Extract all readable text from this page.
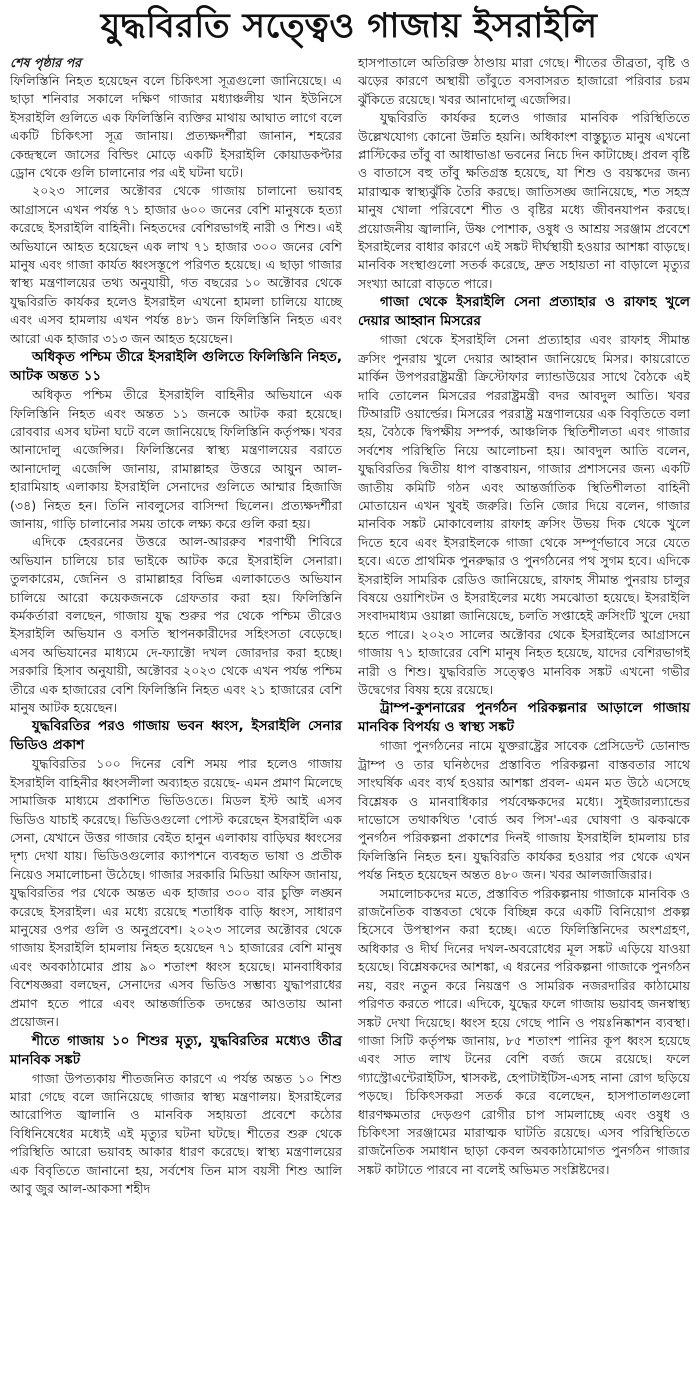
যুদ্ধবিরতি সত্ত্বেও গাজায় ইসরাইলি
শেষ পৃষ্ঠার পর

ফিলিস্তিনি নিহত হয়েছেন বলে চিকিৎসা সূত্রগুলো জানিয়েছে। এ ছাড়া শনিবার সকালে দক্ষিণ গাজার মধ্যাঞ্চলীয় খান ইউনিসে ইসরাইলি গুলিতে এক ফিলিস্তিনি ব্যক্তির মাথায় আঘাত লাগে বলে একটি চিকিৎসা সূত্র জানায়। প্রত্যক্ষদর্শীরা জানান, শহরের কেন্দ্রস্থলে জাসের বিল্ডিং মোড়ে একটি ইসরাইলি কোয়াডকপ্টার ড্রোন থেকে গুলি চালানোর পর এই ঘটনা ঘটে।

২০২৩ সালের অক্টোবর থেকে গাজায় চালানো ভয়াবহ আগ্রাসনে এখন পর্যন্ত ৭১ হাজার ৬০০ জনের বেশি মানুষকে হত্যা করেছে ইসরাইলি বাহিনী। নিহতদের বেশিরভাগই নারী ও শিশু। এই অভিযানে আহত হয়েছেন এক লাখ ৭১ হাজার ৩০০ জনের বেশি মানুষ এবং গাজা কার্যত ধ্বংসস্তূপে পরিণত হয়েছে। এ ছাড়া গাজার স্বাস্থ্য মন্ত্রণালয়ের তথ্য অনুযায়ী, গত বছরের ১০ অক্টোবর থেকে যুদ্ধবিরতি কার্যকর হলেও ইসরাইল এখনো হামলা চালিয়ে যাচ্ছে এবং এসব হামলায় এখন পর্যন্ত ৪৮১ জন ফিলিস্তিনি নিহত এবং আরো এক হাজার ৩১৩ জন আহত হয়েছেন।

অধিকৃত পশ্চিম তীরে ইসরাইলি গুলিতে ফিলিস্তিনি নিহত, আটক অন্তত ১১

অধিকৃত পশ্চিম তীরে ইসরাইলি বাহিনীর অভিযানে এক ফিলিস্তিনি নিহত এবং অন্তত ১১ জনকে আটক করা হয়েছে। রোববার এসব ঘটনা ঘটে বলে জানিয়েছে ফিলিস্তিনি কর্তৃপক্ষ। খবর আনাদোলু এজেন্সির। ফিলিস্তিনের স্বাস্থ্য মন্ত্রণালয়ের বরাতে আনাদোলু এজেন্সি জানায়, রামাল্লাহর উত্তরে আয়ুন আল-হারামিয়াহ এলাকায় ইসরাইলি সেনাদের গুলিতে আম্মার হিজাজি (৩৪) নিহত হন। তিনি নাবলুসের বাসিন্দা ছিলেন। প্রত্যক্ষদর্শীরা জানায়, গাড়ি চালানোর সময় তাকে লক্ষ্য করে গুলি করা হয়।

এদিকে হেবরনের উত্তরে আল-আররুব শরণার্থী শিবিরে অভিযান চালিয়ে চার ভাইকে আটক করে ইসরাইলি সেনারা। তুলকারেম, জেনিন ও রামাল্লাহর বিভিন্ন এলাকাতেও অভিযান চালিয়ে আরো কয়েকজনকে গ্রেফতার করা হয়। ফিলিস্তিনি কর্মকর্তারা বলছেন, গাজায় যুদ্ধ শুরুর পর থেকে পশ্চিম তীরেও ইসরাইলি অভিযান ও বসতি স্থাপনকারীদের সহিংসতা বেড়েছে। এসব অভিযানের মাধ্যমে দে-ফ্যাক্টো দখল জোরদার করা হচ্ছে। সরকারি হিসাব অনুযায়ী, অক্টোবর ২০২৩ থেকে এখন পর্যন্ত পশ্চিম তীরে এক হাজারের বেশি ফিলিস্তিনি নিহত এবং ২১ হাজারের বেশি মানুষ আটক হয়েছেন।

যুদ্ধবিরতির পরও গাজায় ভবন ধ্বংস, ইসরাইলি সেনার ভিডিও প্রকাশ

যুদ্ধবিরতির ১০০ দিনের বেশি সময় পার হলেও গাজায় ইসরাইলি বাহিনীর ধ্বংসলীলা অব্যাহত রয়েছে- এমন প্রমাণ মিলেছে সামাজিক মাধ্যমে প্রকাশিত ভিডিওতে। মিডল ইস্ট আই এসব ভিডিও যাচাই করেছে। ভিডিওগুলো পোস্ট করেছেন ইসরাইলি এক সেনা, যেখানে উত্তর গাজার বেইত হানুন এলাকায় বাড়িঘর ধ্বংসের দৃশ্য দেখা যায়। ভিডিওগুলোর ক্যাপশনে ব্যবহৃত ভাষা ও প্রতীক নিয়েও সমালোচনা উঠেছে। গাজার সরকারি মিডিয়া অফিস জানায়, যুদ্ধবিরতির পর থেকে অন্তত এক হাজার ৩০০ বার চুক্তি লঙ্ঘন করেছে ইসরাইল। এর মধ্যে রয়েছে শতাধিক বাড়ি ধ্বংস, সাধারণ মানুষের ওপর গুলি ও অনুপ্রবেশ। ২০২৩ সালের অক্টোবর থেকে গাজায় ইসরাইলি হামলায় নিহত হয়েছেন ৭১ হাজারের বেশি মানুষ এবং অবকাঠামোর প্রায় ৯০ শতাংশ ধ্বংস হয়েছে। মানবাধিকার বিশেষজ্ঞরা বলছেন, সেনাদের এসব ভিডিও সম্ভাব্য যুদ্ধাপরাধের প্রমাণ হতে পারে এবং আন্তর্জাতিক তদন্তের আওতায় আনা প্রয়োজন।

শীতে গাজায় ১০ শিশুর মৃত্যু, যুদ্ধবিরতির মধ্যেও তীব্র মানবিক সঙ্কট

গাজা উপত্যকায় শীতজনিত কারণে এ পর্যন্ত অন্তত ১০ শিশু মারা গেছে বলে জানিয়েছে গাজার স্বাস্থ্য মন্ত্রণালয়। ইসরাইলের আরোপিত জ্বালানি ও মানবিক সহায়তা প্রবেশে কঠোর বিধিনিষেধের মধ্যেই এই মৃত্যুর ঘটনা ঘটছে। শীতের শুরু থেকে পরিস্থিতি আরো ভয়াবহ আকার ধারণ করেছে। স্বাস্থ্য মন্ত্রণালয়ের এক বিবৃতিতে জানানো হয়, সর্বশেষ তিন মাস বয়সী শিশু আলি আবু জুর আল-আকসা শহীদ

হাসপাতালে অতিরিক্ত ঠাণ্ডায় মারা গেছে। শীতের তীব্রতা, বৃষ্টি ও ঝড়ের কারণে অস্থায়ী তাঁবুতে বসবাসরত হাজারো পরিবার চরম ঝুঁকিতে রয়েছে। খবর আনাদোলু এজেন্সির।

যুদ্ধবিরতি কার্যকর হলেও গাজার মানবিক পরিস্থিতিতে উল্লেখযোগ্য কোনো উন্নতি হয়নি। অধিকাংশ বাস্তুচ্যুত মানুষ এখনো প্লাস্টিকের তাঁবু বা আধাভাঙা ভবনের নিচে দিন কাটাচ্ছে। প্রবল বৃষ্টি ও বাতাসে বহু তাঁবু ক্ষতিগ্রস্ত হয়েছে, যা শিশু ও বয়স্কদের জন্য মারাত্মক স্বাস্থ্যঝুঁকি তৈরি করছে। জাতিসঙ্ঘ জানিয়েছে, শত সহস্র মানুষ খোলা পরিবেশে শীত ও বৃষ্টির মধ্যে জীবনযাপন করছে। প্রয়োজনীয় জ্বালানি, উষ্ণ পোশাক, ওষুধ ও আশ্রয় সরঞ্জাম প্রবেশে ইসরাইলের বাধার কারণে এই সঙ্কট দীর্ঘস্থায়ী হওয়ার আশঙ্কা বাড়ছে। মানবিক সংস্থাগুলো সতর্ক করেছে, দ্রুত সহায়তা না বাড়ালে মৃত্যুর সংখ্যা আরো বাড়তে পারে।

গাজা থেকে ইসরাইলি সেনা প্রত্যাহার ও রাফাহ খুলে দেয়ার আহ্বান মিসরের

গাজা থেকে ইসরাইলি সেনা প্রত্যাহার এবং রাফাহ সীমান্ত ক্রসিং পুনরায় খুলে দেয়ার আহ্বান জানিয়েছে মিসর। কায়রোতে মার্কিন উপপররাষ্ট্রমন্ত্রী ক্রিস্টোফার ল্যান্ডাউয়ের সাথে বৈঠকে এই দাবি তোলেন মিসরের পররাষ্ট্রমন্ত্রী বদর আবদুল আতি। খবর টিআরটি ওয়ার্ল্ডের। মিসরের পররাষ্ট্র মন্ত্রণালয়ের এক বিবৃতিতে বলা হয়, বৈঠকে দ্বিপক্ষীয় সম্পর্ক, আঞ্চলিক স্থিতিশীলতা এবং গাজার সর্বশেষ পরিস্থিতি নিয়ে আলোচনা হয়। আবদুল আতি বলেন, যুদ্ধবিরতির দ্বিতীয় ধাপ বাস্তবায়ন, গাজার প্রশাসনের জন্য একটি জাতীয় কমিটি গঠন এবং আন্তর্জাতিক স্থিতিশীলতা বাহিনী মোতায়েন এখন খুবই জরুরি। তিনি জোর দিয়ে বলেন, গাজার মানবিক সঙ্কট মোকাবেলায় রাফাহ ক্রসিং উভয় দিক থেকে খুলে দিতে হবে এবং ইসরাইলকে গাজা থেকে সম্পূর্ণভাবে সরে যেতে হবে। এতে প্রাথমিক পুনরুদ্ধার ও পুনর্গঠনের পথ সুগম হবে। এদিকে ইসরাইলি সামরিক রেডিও জানিয়েছে, রাফাহ সীমান্ত পুনরায় চালুর বিষয়ে ওয়াশিংটন ও ইসরাইলের মধ্যে সমঝোতা হয়েছে। ইসরাইলি সংবাদমাধ্যম ওয়াল্লা জানিয়েছে, চলতি সপ্তাহেই ক্রসিংটি খুলে দেয়া হতে পারে। ২০২৩ সালের অক্টোবর থেকে ইসরাইলের আগ্রাসনে গাজায় ৭১ হাজারের বেশি মানুষ নিহত হয়েছে, যাদের বেশিরভাগই নারী ও শিশু। যুদ্ধবিরতি সত্ত্বেও মানবিক সঙ্কট এখনো গভীর উদ্বেগের বিষয় হয়ে রয়েছে।

ট্রাম্প-কুশনারের পুনর্গঠন পরিকল্পনার আড়ালে গাজায় মানবিক বিপর্যয় ও স্বাস্থ্য সঙ্কট

গাজা পুনর্গঠনের নামে যুক্তরাষ্ট্রের সাবেক প্রেসিডেন্ট ডোনাল্ড ট্রাম্প ও তার ঘনিষ্ঠদের প্রস্তাবিত পরিকল্পনা বাস্তবতার সাথে সাংঘর্ষিক এবং ব্যর্থ হওয়ার আশঙ্কা প্রবল- এমন মত উঠে এসেছে বিশ্লেষক ও মানবাধিকার পর্যবেক্ষকদের মধ্যে। সুইজারল্যান্ডের দাভোসে তথাকথিত 'বোর্ড অব পিস'-এর ঘোষণা ও ঝকঝকে পুনর্গঠন পরিকল্পনা প্রকাশের দিনই গাজায় ইসরাইলি হামলায় চার ফিলিস্তিনি নিহত হন। যুদ্ধবিরতি কার্যকর হওয়ার পর থেকে এখন পর্যন্ত নিহত হয়েছেন অন্তত ৪৮০ জন। খবর আলজাজিরার।

সমালোচকদের মতে, প্রস্তাবিত পরিকল্পনায় গাজাকে মানবিক ও রাজনৈতিক বাস্তবতা থেকে বিচ্ছিন্ন করে একটি বিনিয়োগ প্রকল্প হিসেবে উপস্থাপন করা হচ্ছে। এতে ফিলিস্তিনিদের অংশগ্রহণ, অধিকার ও দীর্ঘ দিনের দখল-অবরোধের মূল সঙ্কট এড়িয়ে যাওয়া হয়েছে। বিশ্লেষকদের আশঙ্কা, এ ধরনের পরিকল্পনা গাজাকে পুনর্গঠন নয়, বরং নতুন করে নিয়ন্ত্রণ ও সামরিক নজরদারির কাঠামোয় পরিণত করতে পারে। এদিকে, যুদ্ধের ফলে গাজায় ভয়াবহ জনস্বাস্থ্য সঙ্কট দেখা দিয়েছে। ধ্বংস হয়ে গেছে পানি ও পয়ঃনিষ্কাশন ব্যবস্থা। গাজা সিটি কর্তৃপক্ষ জানায়, ৮৫ শতাংশ পানির কূপ ধ্বংস হয়েছে এবং সাত লাখ টনের বেশি বর্জ্য জমে রয়েছে। ফলে গ্যাস্ট্রোএন্টেরাইটিস, শ্বাসকষ্ট, হেপাটাইটিস-এসহ নানা রোগ ছড়িয়ে পড়ছে। চিকিৎসকরা সতর্ক করে বলেছেন, হাসপাতালগুলো ধারণক্ষমতার দেড়গুণ রোগীর চাপ সামলাচ্ছে এবং ওষুধ ও চিকিৎসা সরঞ্জামের মারাত্মক ঘাটতি রয়েছে। এসব পরিস্থিতিতে রাজনৈতিক সমাধান ছাড়া কেবল অবকাঠামোগত পুনর্গঠন গাজার সঙ্কট কাটাতে পারবে না বলেই অভিমত সংশ্লিষ্টদের।
